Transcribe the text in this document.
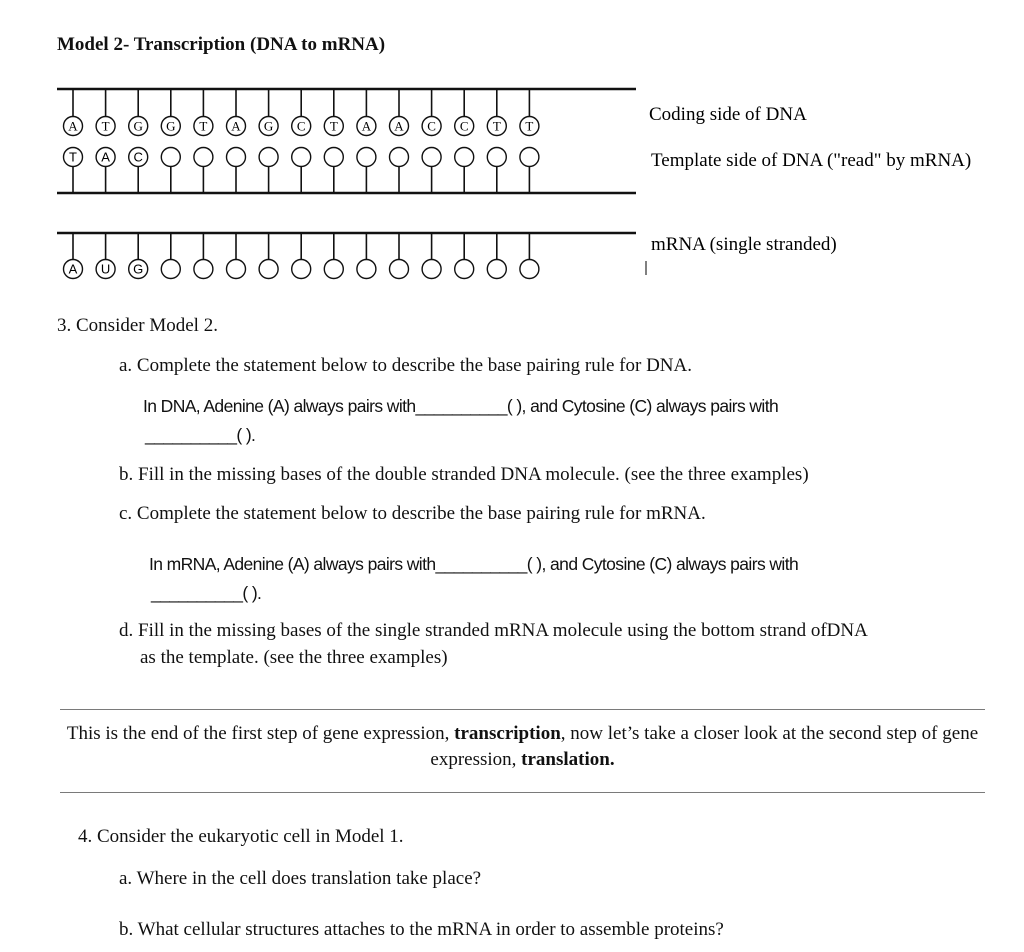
Model 2- Transcription (DNA to mRNA)
A T G G T A G C T A A C C T T
T A C
A U G
Coding side of DNA
Template side of DNA ("read" by mRNA)
mRNA (single stranded)
3. Consider Model 2.
a. Complete the statement below to describe the base pairing rule for DNA.
In DNA, Adenine (A) always pairs with__________( ), and Cytosine (C) always pairs with
__________( ).
b. Fill in the missing bases of the double stranded DNA molecule. (see the three examples)
c. Complete the statement below to describe the base pairing rule for mRNA.
In mRNA, Adenine (A) always pairs with__________( ), and Cytosine (C) always pairs with
__________( ).
d. Fill in the missing bases of the single stranded mRNA molecule using the bottom strand ofDNA
as the template. (see the three examples)
This is the end of the first step of gene expression, transcription, now let’s take a closer look at the second step of gene expression, translation.
4. Consider the eukaryotic cell in Model 1.
a. Where in the cell does translation take place?
b. What cellular structures attaches to the mRNA in order to assemble proteins?
